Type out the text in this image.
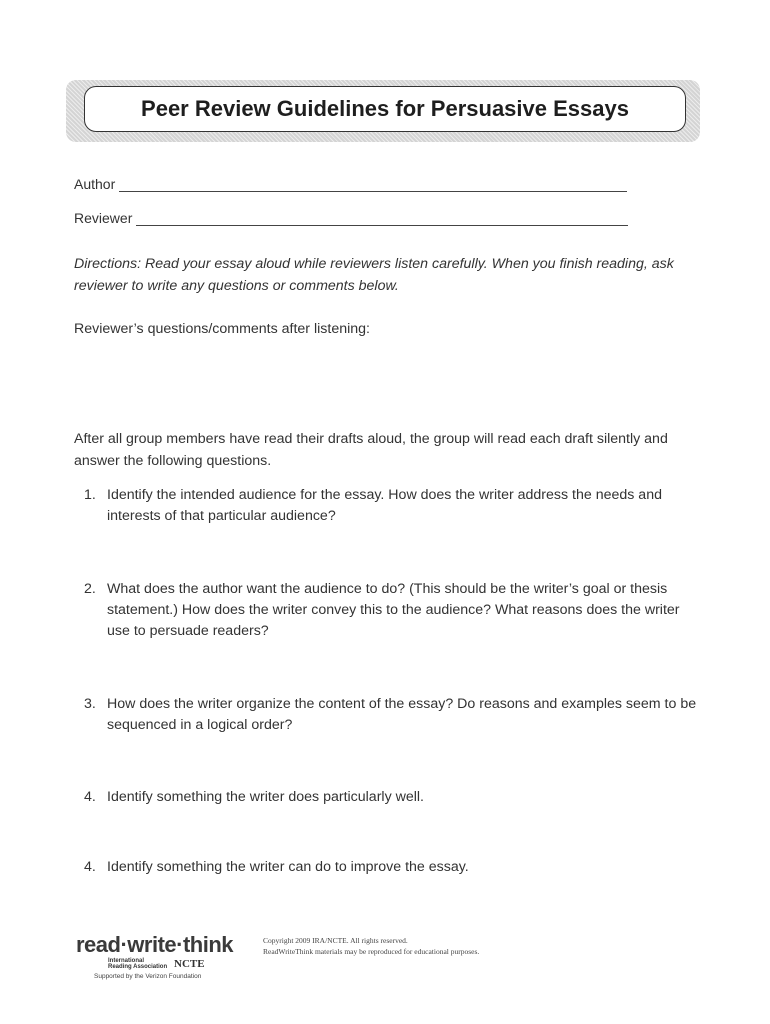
Peer Review Guidelines for Persuasive Essays
Author
Reviewer

Directions: Read your essay aloud while reviewers listen carefully. When you finish reading, ask reviewer to write any questions or comments below.

Reviewer’s questions/comments after listening:

After all group members have read their drafts aloud, the group will read each draft silently and answer the following questions.

1. Identify the intended audience for the essay. How does the writer address the needs and interests of that particular audience?
2. What does the author want the audience to do? (This should be the writer’s goal or thesis statement.) How does the writer convey this to the audience? What reasons does the writer use to persuade readers?
3. How does the writer organize the content of the essay? Do reasons and examples seem to be sequenced in a logical order?
4. Identify something the writer does particularly well.
4. Identify something the writer can do to improve the essay.
read·write·think
International
Reading Association NCTE
Supported by the Verizon Foundation
Copyright 2009 IRA/NCTE. All rights reserved.
ReadWriteThink materials may be reproduced for educational purposes.
